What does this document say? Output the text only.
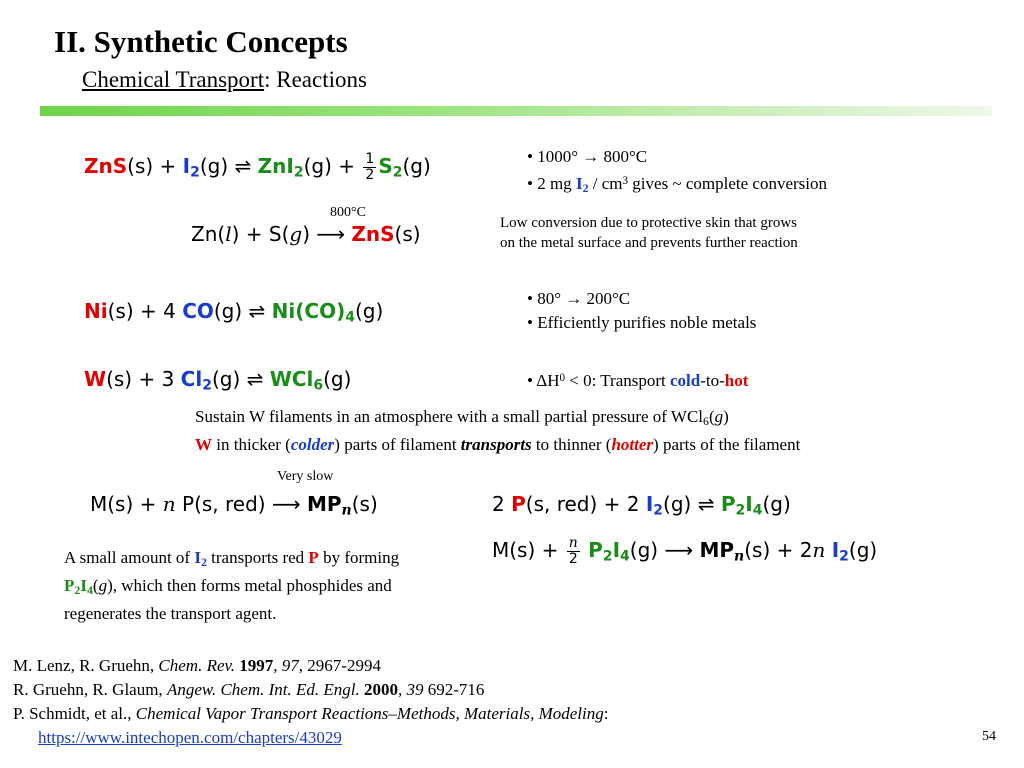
II. Synthetic Concepts
Chemical Transport: Reactions
$ZnS(s) + I_2(g)$ ⇌ $ZnI_2(g) + \frac{1}{2} S_2(g)$	• 1000° → 800°C
• 2 mg $I_2 / cm^3$ gives ~ complete conversion
800°C
Zn(l) + S(g) ⟶ ZnS(s)	Low conversion due to protective skin that grows
on the metal surface and prevents further reaction
Ni(s) + 4 CO(g) ⇌ $Ni(CO)_4(g)$
• 80° → 200°C
• Efficiently purifies noble metals
W(s) + 3 $Cl_2(g)$ ⇌ WCl$_6$(g)	• $\Delta H^0 < 0$: Transport cold-to-hot
Sustain W filaments in an atmosphere with a small partial pressure of WCl$_6$(g)
W in thicker (colder) parts of filament transports to thinner (hotter) parts of the filament
Very slow
M(s) + n P(s, red) ⟶ $MP_n(s)$	2 P(s, red) + 2 $I_2(g)$ ⇌ $P_2I_4(g)$
$M(s) + \frac{n}{2} P_2I_4(g)$ ⟶ $MP_n(s) + 2n$ $I_2(g)$
A small amount of $I_2$ transports red P by forming
$P_2I_4(g)$, which then forms metal phosphides and
regenerates the transport agent.
M. Lenz, R. Gruehn, Chem. Rev. 1997, 97, 2967-2994
R. Gruehn, R. Glaum, Angew. Chem. Int. Ed. Engl. 2000, 39 692-716
P. Schmidt, et al., Chemical Vapor Transport Reactions–Methods, Materials, Modeling:
https://www.intechopen.com/chapters/43029	54
